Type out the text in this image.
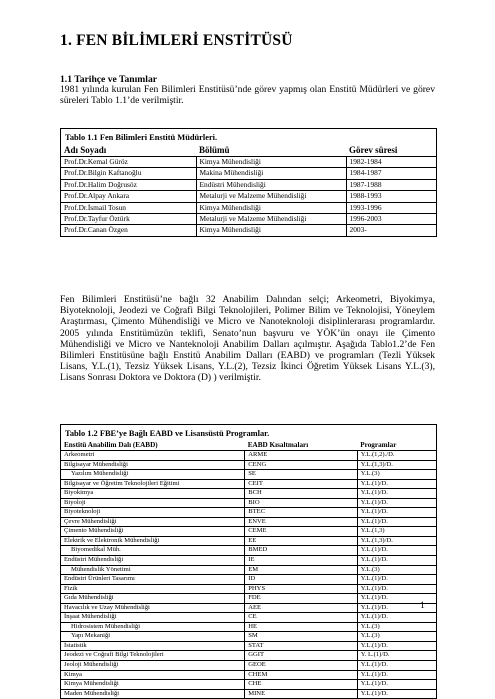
1. FEN BİLİMLERİ ENSTİTÜSÜ
1.1 Tarihçe ve Tanımlar
1981 yılında kurulan Fen Bilimleri Enstitüsü’nde görev yapmış olan Enstitü Müdürleri ve görev süreleri Tablo 1.1’de verilmiştir.
Tablo 1.1 Fen Bilimleri Enstitü Müdürleri.
Adı Soyadı	Bölümü	Görev süresi
Prof.Dr.Kemal Güröz	Kimya Mühendisliği	1982-1984
Prof.Dr.Bilgin Kaftanoğlu	Makina Mühendisliği	1984-1987
Prof.Dr.Halim Doğrusöz	Endüstri Mühendisliği	1987-1988
Prof.Dr.Alpay Ankara	Metalurji ve Malzeme Mühendisliği	1988-1993
Prof.Dr.İsmail Tosun	Kimya Mühendisliği	1993-1996
Prof.Dr.Tayfur Öztürk	Metalurji ve Malzeme Mühendisliği	1996-2003
Prof.Dr.Canan Özgen	Kimya Mühendisliği	2003-
Fen Bilimleri Enstitüsü’ne bağlı 32 Anabilim Dalından selçi; Arkeometri, Biyokimya, Biyoteknoloji, Jeodezi ve Coğrafi Bilgi Teknolojileri, Polimer Bilim ve Teknolojisi, Yöneylem Araştırması, Çimento Mühendisliği ve Micro ve Nanoteknoloji disiplinlerarası programlardır. 2005 yılında Enstitümüzün teklifi, Senato’nun başvuru ve YÖK’ün onayı ile Çimento Mühendisliği ve Micro ve Nanteknoloji Anabilim Dalları açılmıştır. Aşağıda Tablo1.2’de Fen Bilimleri Enstitüsüne bağlı Enstitü Anabilim Dalları (EABD) ve programları (Tezli Yüksek Lisans, Y.L.(1), Tezsiz Yüksek Lisans, Y.L.(2), Tezsiz İkinci Öğretim Yüksek Lisans Y.L.(3), Lisans Sonrası Doktora ve Doktora (D) ) verilmiştir.
Tablo 1.2 FBE’ye Bağlı EABD ve Lisansüstü Programlar.
Enstitü Anabilim Dalı (EABD)	EABD Kısaltmaları	Programlar
Arkeometri	ARME	Y.L.(1,2)./D.
Bilgisayar Mühendisliği	CENG	Y.L.(1,3)/D.
Yazılım Mühendisliği	SE	Y.L.(3)
Bilgisayar ve Öğretim Teknolojileri Eğitimi	CEIT	Y.L.(1)/D.
Biyokimya	BCH	Y.L.(1)/D.
Biyoloji	BIO	Y.L.(1)/D.
Biyoteknoloji	BTEC	Y.L.(1)/D.
Çevre Mühendisliği	ENVE	Y.L.(1)/D.
Çimento Mühendisliği	CEME	Y.L.(1,3)
Elektrik ve Elektronik Mühendisliği	EE	Y.L.(1,3)/D.
Biyomedikal Müh.	BMED	Y.L.(1)/D.
Endüstri Mühendisliği	IE	Y.L.(1)/D.
Mühendislik Yönetimi	EM	Y.L.(3)
Endüstri Ürünleri Tasarımı	ID	Y.L.(1)/D.
Fizik	PHYS	Y.L.(1)/D.
Gıda Mühendisliği	FDE	Y.L.(1)/D.
Havacılık ve Uzay Mühendisliği	AEE	Y.L.(1)/D.
İnşaat Mühendisliği	CE	Y.L.(1)/D.
Hidrosistem Mühendisliği	HE	Y.L.(3)
Yapı Mekaniği	SM	Y.L.(3)
İstatistik	STAT	Y.L.(1)/D.
Jeodezi ve Coğrafi Bilgi Teknolojileri	GGIT	Y. L.(1)/D.
Jeoloji Mühendisliği	GEOE	Y.L.(1)/D.
Kimya	CHEM	Y.L.(1)/D.
Kimya Mühendisliği	CHE	Y.L.(1)/D.
Maden Mühendisliği	MINE	Y.L.(1)/D.
1
